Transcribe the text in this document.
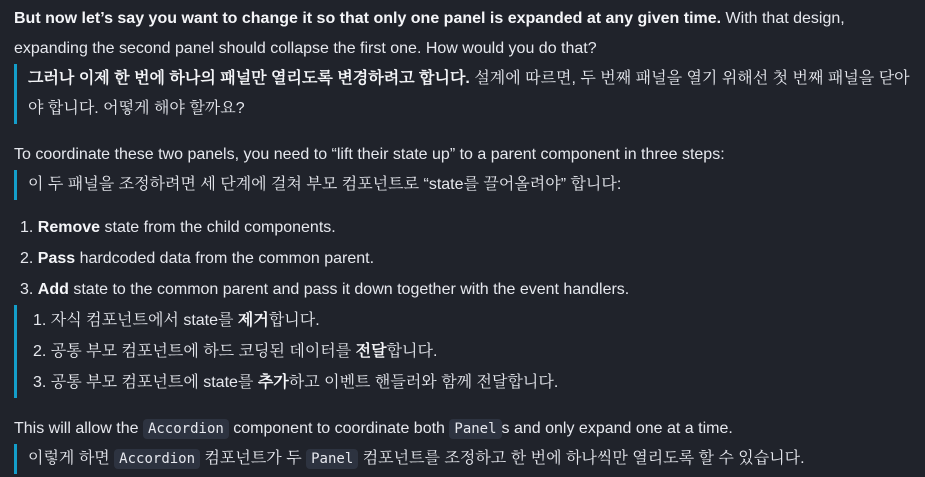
But now let’s say you want to change it so that only one panel is expanded at any given time. With that design, expanding the second panel should collapse the first one. How would you do that?

그러나 이제 한 번에 하나의 패널만 열리도록 변경하려고 합니다. 설계에 따르면, 두 번째 패널을 열기 위해선 첫 번째 패널을 닫아야 합니다. 어떻게 해야 할까요?

To coordinate these two panels, you need to “lift their state up” to a parent component in three steps:

이 두 패널을 조정하려면 세 단계에 걸쳐 부모 컴포넌트로 “state를 끌어올려야” 합니다:

1. Remove state from the child components.
2. Pass hardcoded data from the common parent.
3. Add state to the common parent and pass it down together with the event handlers.
1. 자식 컴포넌트에서 state를 제거합니다.
2. 공통 부모 컴포넌트에 하드 코딩된 데이터를 전달합니다.
3. 공통 부모 컴포넌트에 state를 추가하고 이벤트 핸들러와 함께 전달합니다.

This will allow the Accordion component to coordinate both Panel s and only expand one at a time.

이렇게 하면 Accordion 컴포넌트가 두 Panel 컴포넌트를 조정하고 한 번에 하나씩만 열리도록 할 수 있습니다.
